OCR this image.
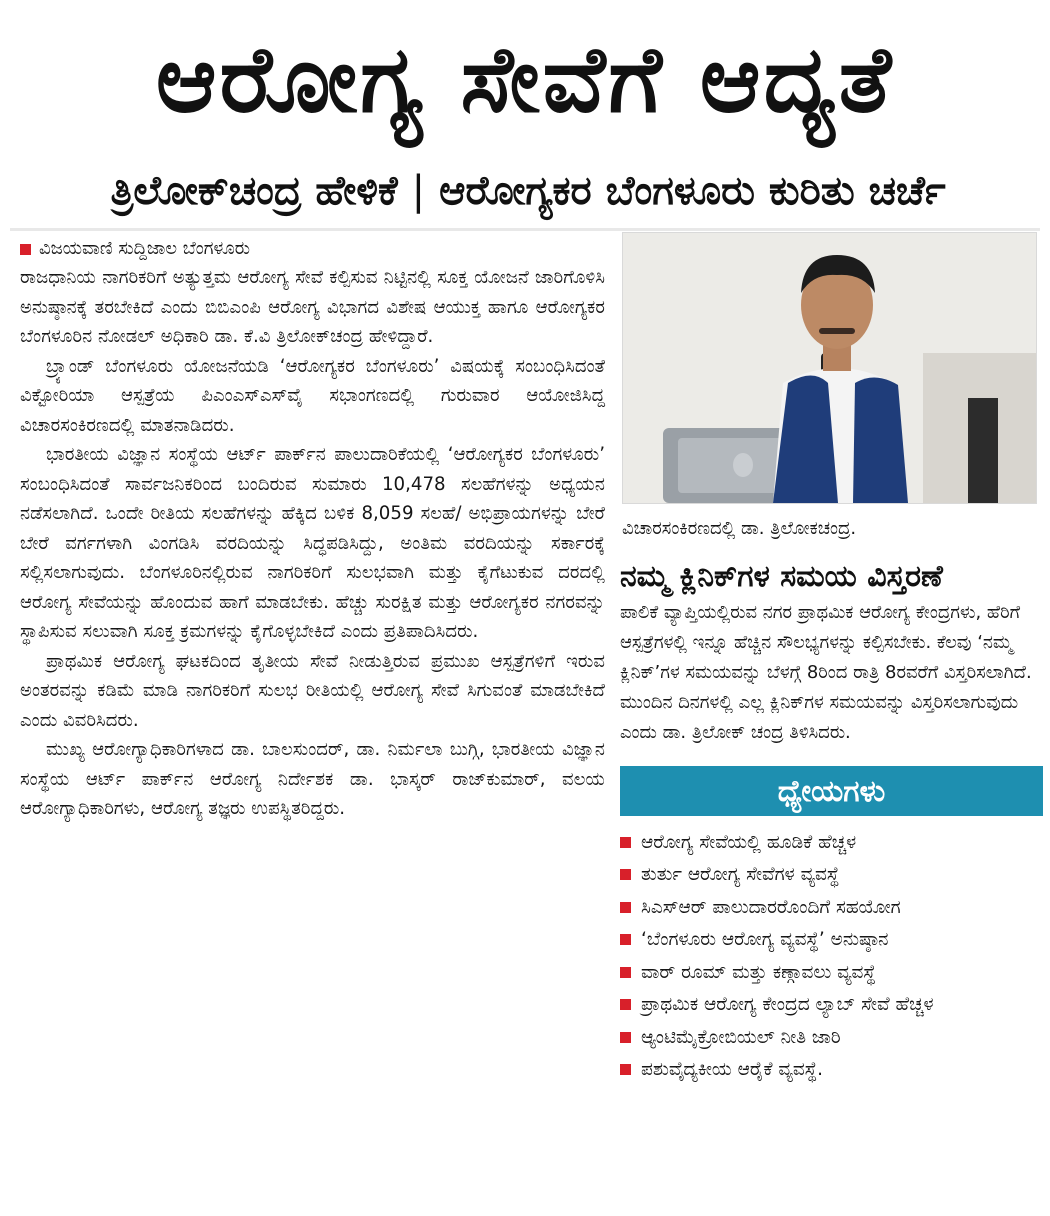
ಆರೋಗ್ಯ ಸೇವೆಗೆ ಆದ್ಯತೆ
ತ್ರಿಲೋಕ್‌ಚಂದ್ರ ಹೇಳಿಕೆ | ಆರೋಗ್ಯಕರ ಬೆಂಗಳೂರು ಕುರಿತು ಚರ್ಚೆ
ವಿಜಯವಾಣಿ ಸುದ್ದಿಜಾಲ ಬೆಂಗಳೂರು

ರಾಜಧಾನಿಯ ನಾಗರಿಕರಿಗೆ ಅತ್ಯುತ್ತಮ ಆರೋಗ್ಯ ಸೇವೆ ಕಲ್ಪಿಸುವ ನಿಟ್ಟಿನಲ್ಲಿ ಸೂಕ್ತ ಯೋಜನೆ ಜಾರಿಗೊಳಿಸಿ ಅನುಷ್ಠಾನಕ್ಕೆ ತರಬೇಕಿದೆ ಎಂದು ಬಿಬಿಎಂಪಿ ಆರೋಗ್ಯ ವಿಭಾಗದ ವಿಶೇಷ ಆಯುಕ್ತ ಹಾಗೂ ಆರೋಗ್ಯಕರ ಬೆಂಗಳೂರಿನ ನೋಡಲ್ ಅಧಿಕಾರಿ ಡಾ. ಕೆ.ವಿ ತ್ರಿಲೋಕ್‌ಚಂದ್ರ ಹೇಳಿದ್ದಾರೆ.

ಬ್ರ್ಯಾಂಡ್ ಬೆಂಗಳೂರು ಯೋಜನೆಯಡಿ ‘ಆರೋಗ್ಯಕರ ಬೆಂಗಳೂರು’ ವಿಷಯಕ್ಕೆ ಸಂಬಂಧಿಸಿದಂತೆ ವಿಕ್ಟೋರಿಯಾ ಆಸ್ಪತ್ರೆಯ ಪಿಎಂಎಸ್‌ಎಸ್‌ವೈ ಸಭಾಂಗಣದಲ್ಲಿ ಗುರುವಾರ ಆಯೋಜಿಸಿದ್ದ ವಿಚಾರಸಂಕಿರಣದಲ್ಲಿ ಮಾತನಾಡಿದರು.

ಭಾರತೀಯ ವಿಜ್ಞಾನ ಸಂಸ್ಥೆಯ ಆರ್ಟ್ ಪಾರ್ಕ್‌ನ ಪಾಲುದಾರಿಕೆಯಲ್ಲಿ ‘ಆರೋಗ್ಯಕರ ಬೆಂಗಳೂರು’ ಸಂಬಂಧಿಸಿದಂತೆ ಸಾರ್ವಜನಿಕರಿಂದ ಬಂದಿರುವ ಸುಮಾರು 10,478 ಸಲಹೆಗಳನ್ನು ಅಧ್ಯಯನ ನಡೆಸಲಾಗಿದೆ. ಒಂದೇ ರೀತಿಯ ಸಲಹೆಗಳನ್ನು ಹೆಕ್ಕಿದ ಬಳಿಕ 8,059 ಸಲಹೆ/ ಅಭಿಪ್ರಾಯಗಳನ್ನು ಬೇರೆ ಬೇರೆ ವರ್ಗಗಳಾಗಿ ವಿಂಗಡಿಸಿ ವರದಿಯನ್ನು ಸಿದ್ಧಪಡಿಸಿದ್ದು, ಅಂತಿಮ ವರದಿಯನ್ನು ಸರ್ಕಾರಕ್ಕೆ ಸಲ್ಲಿಸಲಾಗುವುದು. ಬೆಂಗಳೂರಿನಲ್ಲಿರುವ ನಾಗರಿಕರಿಗೆ ಸುಲಭವಾಗಿ ಮತ್ತು ಕೈಗೆಟುಕುವ ದರದಲ್ಲಿ ಆರೋಗ್ಯ ಸೇವೆಯನ್ನು ಹೊಂದುವ ಹಾಗೆ ಮಾಡಬೇಕು. ಹೆಚ್ಚು ಸುರಕ್ಷಿತ ಮತ್ತು ಆರೋಗ್ಯಕರ ನಗರವನ್ನು ಸ್ಥಾಪಿಸುವ ಸಲುವಾಗಿ ಸೂಕ್ತ ಕ್ರಮಗಳನ್ನು ಕೈಗೊಳ್ಳಬೇಕಿದೆ ಎಂದು ಪ್ರತಿಪಾದಿಸಿದರು.

ಪ್ರಾಥಮಿಕ ಆರೋಗ್ಯ ಘಟಕದಿಂದ ತೃತೀಯ ಸೇವೆ ನೀಡುತ್ತಿರುವ ಪ್ರಮುಖ ಆಸ್ಪತ್ರೆಗಳಿಗೆ ಇರುವ ಅಂತರವನ್ನು ಕಡಿಮೆ ಮಾಡಿ ನಾಗರಿಕರಿಗೆ ಸುಲಭ ರೀತಿಯಲ್ಲಿ ಆರೋಗ್ಯ ಸೇವೆ ಸಿಗುವಂತೆ ಮಾಡಬೇಕಿದೆ ಎಂದು ವಿವರಿಸಿದರು.

ಮುಖ್ಯ ಆರೋಗ್ಯಾಧಿಕಾರಿಗಳಾದ ಡಾ. ಬಾಲಸುಂದರ್, ಡಾ. ನಿರ್ಮಲಾ ಬುಗ್ಗಿ, ಭಾರತೀಯ ವಿಜ್ಞಾನ ಸಂಸ್ಥೆಯ ಆರ್ಟ್ ಪಾರ್ಕ್‌ನ ಆರೋಗ್ಯ ನಿರ್ದೇಶಕ ಡಾ. ಭಾಸ್ಕರ್ ರಾಜ್‌ಕುಮಾರ್, ವಲಯ ಆರೋಗ್ಯಾಧಿಕಾರಿಗಳು, ಆರೋಗ್ಯ ತಜ್ಞರು ಉಪಸ್ಥಿತರಿದ್ದರು.

ವಿಚಾರಸಂಕಿರಣದಲ್ಲಿ ಡಾ. ತ್ರಿಲೋಕಚಂದ್ರ.
ನಮ್ಮ ಕ್ಲಿನಿಕ್‌ಗಳ ಸಮಯ ವಿಸ್ತರಣೆ

ಪಾಲಿಕೆ ವ್ಯಾಪ್ತಿಯಲ್ಲಿರುವ ನಗರ ಪ್ರಾಥಮಿಕ ಆರೋಗ್ಯ ಕೇಂದ್ರಗಳು, ಹೆರಿಗೆ ಆಸ್ಪತ್ರೆಗಳಲ್ಲಿ ಇನ್ನೂ ಹೆಚ್ಚಿನ ಸೌಲಭ್ಯಗಳನ್ನು ಕಲ್ಪಿಸಬೇಕು. ಕೆಲವು ‘ನಮ್ಮ ಕ್ಲಿನಿಕ್’ಗಳ ಸಮಯವನ್ನು ಬೆಳಗ್ಗೆ 8ರಿಂದ ರಾತ್ರಿ 8ರವರೆಗೆ ವಿಸ್ತರಿಸಲಾಗಿದೆ. ಮುಂದಿನ ದಿನಗಳಲ್ಲಿ ಎಲ್ಲ ಕ್ಲಿನಿಕ್‌ಗಳ ಸಮಯವನ್ನು ವಿಸ್ತರಿಸಲಾಗುವುದು ಎಂದು ಡಾ. ತ್ರಿಲೋಕ್ ಚಂದ್ರ ತಿಳಿಸಿದರು.

ಧ್ಯೇಯಗಳು
ಆರೋಗ್ಯ ಸೇವೆಯಲ್ಲಿ ಹೂಡಿಕೆ ಹೆಚ್ಚಳ
ತುರ್ತು ಆರೋಗ್ಯ ಸೇವೆಗಳ ವ್ಯವಸ್ಥೆ
ಸಿಎಸ್‌ಆರ್ ಪಾಲುದಾರರೊಂದಿಗೆ ಸಹಯೋಗ
‘ಬೆಂಗಳೂರು ಆರೋಗ್ಯ ವ್ಯವಸ್ಥೆ’ ಅನುಷ್ಠಾನ
ವಾರ್ ರೂಮ್ ಮತ್ತು ಕಣ್ಗಾವಲು ವ್ಯವಸ್ಥೆ
ಪ್ರಾಥಮಿಕ ಆರೋಗ್ಯ ಕೇಂದ್ರದ ಲ್ಯಾಬ್ ಸೇವೆ ಹೆಚ್ಚಳ
ಆ್ಯಂಟಿಮೈಕ್ರೋಬಿಯಲ್ ನೀತಿ ಜಾರಿ
ಪಶುವೈದ್ಯಕೀಯ ಆರೈಕೆ ವ್ಯವಸ್ಥೆ.
